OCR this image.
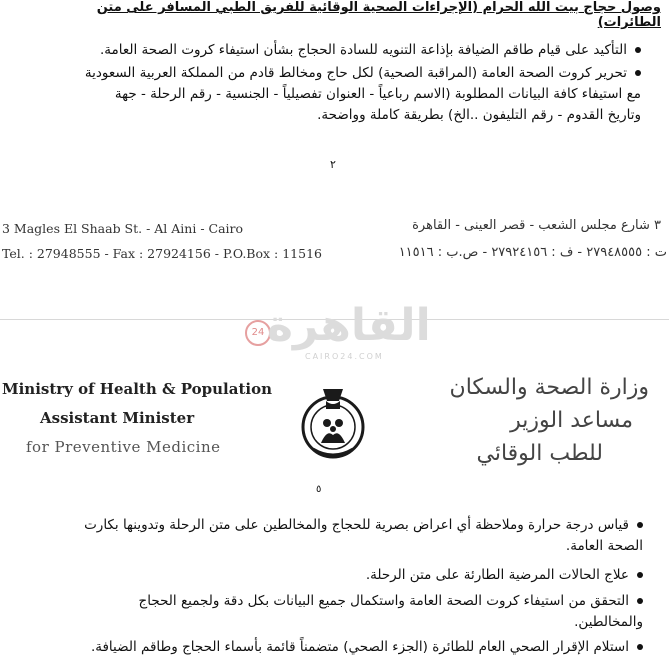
وصول حجاج بيت الله الحرام (الإجراءات الصحية الوقائية للفريق الطبي المسافر على متن الطائرات)
التأكيد على قيام طاقم الضيافة بإذاعة التنويه للسادة الحجاج بشأن استيفاء كروت الصحة العامة.
تحرير كروت الصحة العامة (المراقبة الصحية) لكل حاج ومخالط قادم من المملكة العربية السعودية
مع استيفاء كافة البيانات المطلوبة (الاسم رباعياً - العنوان تفصيلياً - الجنسية - رقم الرحلة - جهة
وتاريخ القدوم - رقم التليفون ..الخ) بطريقة كاملة وواضحة.
٢
3 Magles El Shaab St. - Al Aini - Cairo
Tel. : 27948555 - Fax : 27924156 - P.O.Box : 11516
٣ شارع مجلس الشعب - قصر العينى - القاهرة
ت : ٢٧٩٤٨٥٥٥ - ف : ٢٧٩٢٤١٥٦ - ص.ب : ١١٥١٦
24 القاهرة
CAIRO24.COM
Ministry of Health & Population
Assistant Minister
for Preventive Medicine
وزارة الصحة والسكان
مساعد الوزير
للطب الوقائي
٥
قياس درجة حرارة وملاحظة أي اعراض بصرية للحجاج والمخالطين على متن الرحلة وتدوينها بكارت
الصحة العامة.
علاج الحالات المرضية الطارئة على متن الرحلة.
التحقق من استيفاء كروت الصحة العامة واستكمال جميع البيانات بكل دقة ولجميع الحجاج
والمخالطين.
استلام الإقرار الصحي العام للطائرة (الجزء الصحي) متضمناً قائمة بأسماء الحجاج وطاقم الضيافة.
